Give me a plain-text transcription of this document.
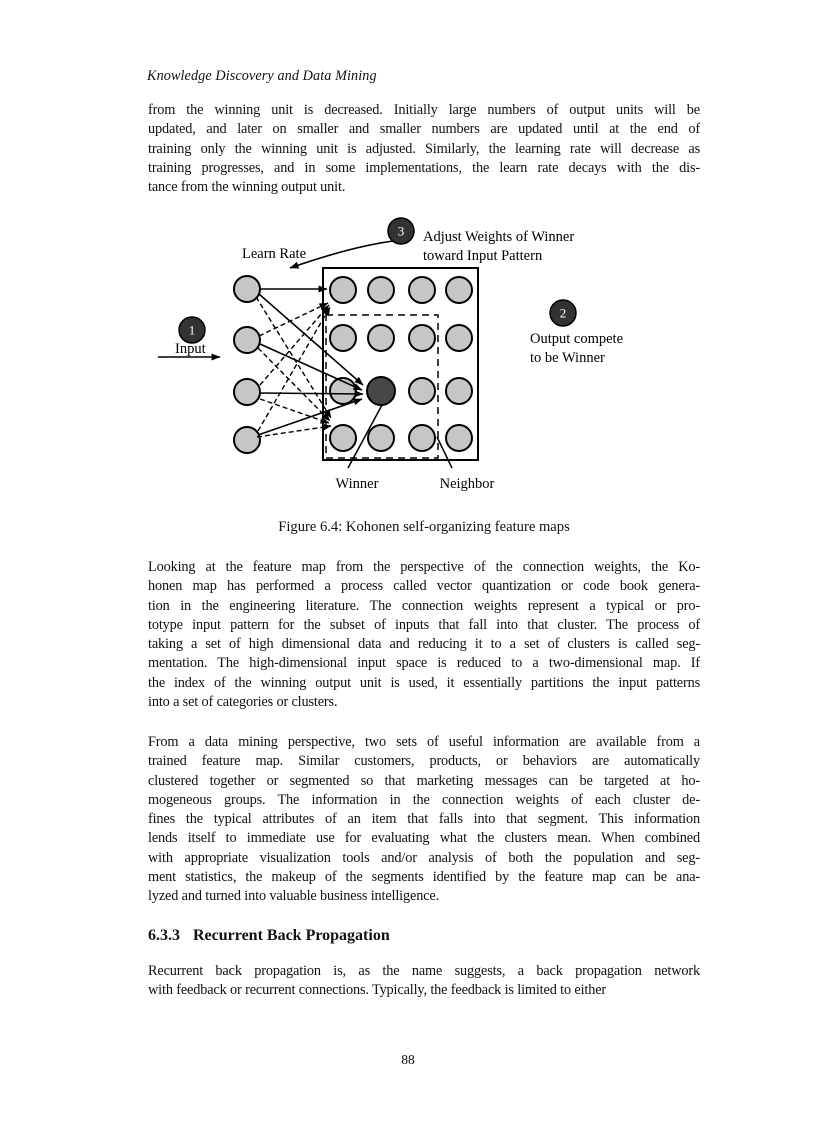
Knowledge Discovery and Data Mining
from the winning unit is decreased. Initially large numbers of output units will be
updated, and later on smaller and smaller numbers are updated until at the end of
training only the winning unit is adjusted. Similarly, the learning rate will decrease as
training progresses, and in some implementations, the learn rate decays with the dis-
tance from the winning output unit.
1
2
3
Learn Rate
Adjust Weights of Winner
toward Input Pattern
Input
Output compete
to be Winner
Winner	Neighbor
Figure 6.4: Kohonen self-organizing feature maps
Looking at the feature map from the perspective of the connection weights, the Ko-
honen map has performed a process called vector quantization or code book genera-
tion in the engineering literature. The connection weights represent a typical or pro-
totype input pattern for the subset of inputs that fall into that cluster. The process of
taking a set of high dimensional data and reducing it to a set of clusters is called seg-
mentation. The high-dimensional input space is reduced to a two-dimensional map. If
the index of the winning output unit is used, it essentially partitions the input patterns
into a set of categories or clusters.
From a data mining perspective, two sets of useful information are available from a
trained feature map. Similar customers, products, or behaviors are automatically
clustered together or segmented so that marketing messages can be targeted at ho-
mogeneous groups. The information in the connection weights of each cluster de-
fines the typical attributes of an item that falls into that segment. This information
lends itself to immediate use for evaluating what the clusters mean. When combined
with appropriate visualization tools and/or analysis of both the population and seg-
ment statistics, the makeup of the segments identified by the feature map can be ana-
lyzed and turned into valuable business intelligence.
6.3.3 Recurrent Back Propagation
Recurrent back propagation is, as the name suggests, a back propagation network
with feedback or recurrent connections. Typically, the feedback is limited to either
88
